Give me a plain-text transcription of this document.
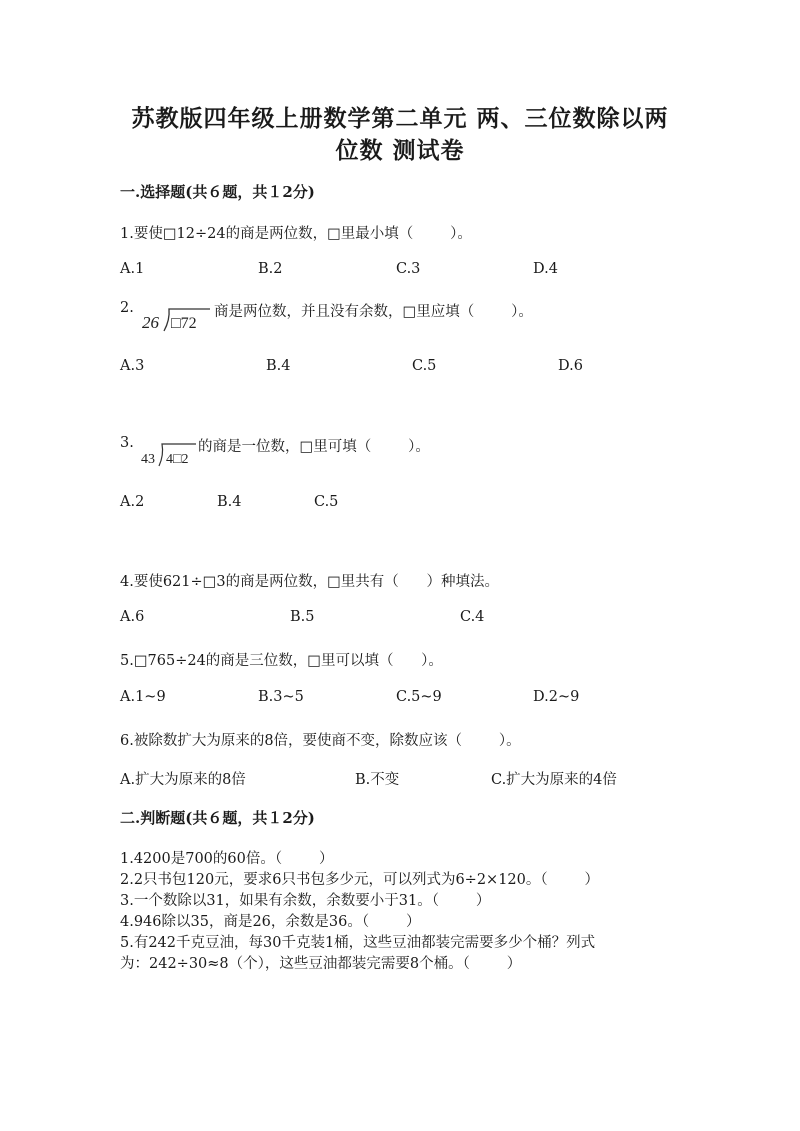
苏教版四年级上册数学第二单元 两、三位数除以两
位数 测试卷
一.选择题(共６题，共１2分)
1.要使□12÷24的商是两位数，□里最小填（        ）。
A.1	B.2	C.3	D.4
2.
26 □72
商是两位数，并且没有余数，□里应填（        ）。
A.3	B.4	C.5	D.6
3.
43 4□2
的商是一位数，□里可填（        ）。
A.2	B.4	C.5
4.要使621÷□3的商是两位数，□里共有（      ）种填法。
A.6	B.5	C.4
5.□765÷24的商是三位数，□里可以填（      ）。
A.1~9	B.3~5	C.5~9	D.2~9
6.被除数扩大为原来的8倍，要使商不变，除数应该（        ）。
A.扩大为原来的8倍	B.不变	C.扩大为原来的4倍
二.判断题(共６题，共１2分)
1.4200是700的60倍。（        ）
2.2只书包120元，要求6只书包多少元，可以列式为6÷2×120。（        ）
3.一个数除以31，如果有余数，余数要小于31。（        ）
4.946除以35，商是26，余数是36。（        ）
5.有242千克豆油，每30千克装1桶，这些豆油都装完需要多少个桶？列式
为：242÷30≈8（个），这些豆油都装完需要8个桶。（        ）
